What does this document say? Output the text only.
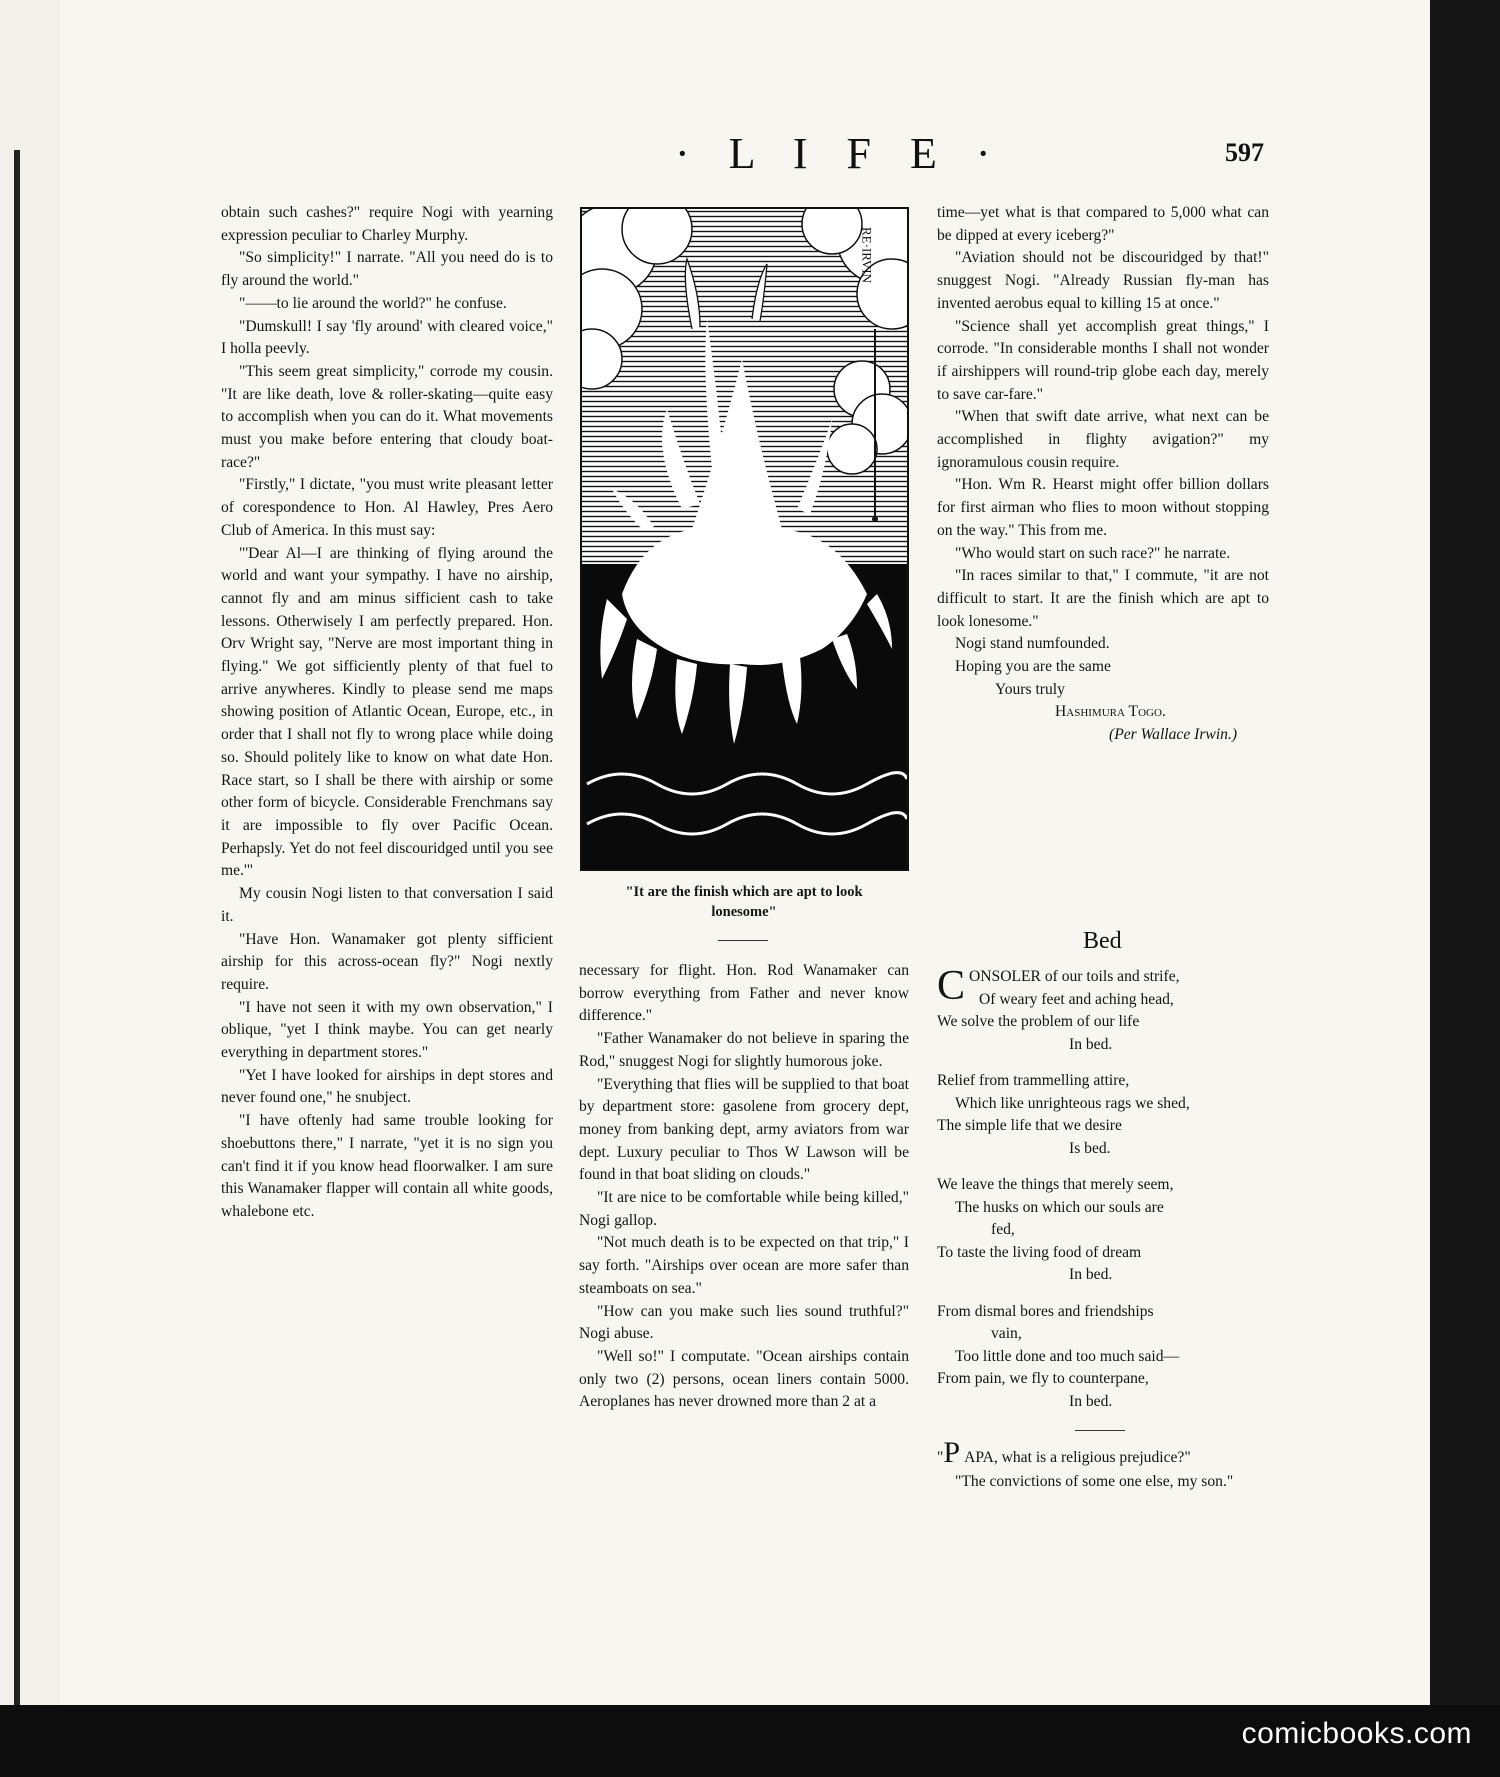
· L I F E ·	597

obtain such cashes?" require Nogi with yearning expression peculiar to Charley Murphy.

"So simplicity!" I narrate. "All you need do is to fly around the world."

"——to lie around the world?" he confuse.

"Dumskull! I say 'fly around' with cleared voice," I holla peevly.

"This seem great simplicity," corrode my cousin. "It are like death, love & roller-skating—quite easy to accomplish when you can do it. What movements must you make before entering that cloudy boat-race?"

"Firstly," I dictate, "you must write pleasant letter of corespondence to Hon. Al Hawley, Pres Aero Club of America. In this must say:

"'Dear Al—I are thinking of flying around the world and want your sympathy. I have no airship, cannot fly and am minus sifficient cash to take lessons. Otherwisely I am perfectly prepared. Hon. Orv Wright say, "Nerve are most important thing in flying." We got sifficiently plenty of that fuel to arrive anywheres. Kindly to please send me maps showing position of Atlantic Ocean, Europe, etc., in order that I shall not fly to wrong place while doing so. Should politely like to know on what date Hon. Race start, so I shall be there with airship or some other form of bicycle. Considerable Frenchmans say it are impossible to fly over Pacific Ocean. Perhapsly. Yet do not feel discouridged until you see me.'"

My cousin Nogi listen to that conversation I said it.

"Have Hon. Wanamaker got plenty sifficient airship for this across-ocean fly?" Nogi nextly require.

"I have not seen it with my own observation," I oblique, "yet I think maybe. You can get nearly everything in department stores."

"Yet I have looked for airships in dept stores and never found one," he snubject.

"I have oftenly had same trouble looking for shoebuttons there," I narrate, "yet it is no sign you can't find it if you know head floorwalker. I am sure this Wanamaker flapper will contain all white goods, whalebone etc.

RE·IRVIN
"It are the finish which are apt to look lonesome"

necessary for flight. Hon. Rod Wanamaker can borrow everything from Father and never know difference."

"Father Wanamaker do not believe in sparing the Rod," snuggest Nogi for slightly humorous joke.

"Everything that flies will be supplied to that boat by department store: gasolene from grocery dept, money from banking dept, army aviators from war dept. Luxury peculiar to Thos W Lawson will be found in that boat sliding on clouds."

"It are nice to be comfortable while being killed," Nogi gallop.

"Not much death is to be expected on that trip," I say forth. "Airships over ocean are more safer than steamboats on sea."

"How can you make such lies sound truthful?" Nogi abuse.

"Well so!" I computate. "Ocean airships contain only two (2) persons, ocean liners contain 5000. Aeroplanes has never drowned more than 2 at a

time—yet what is that compared to 5,000 what can be dipped at every iceberg?"

"Aviation should not be discouridged by that!" snuggest Nogi. "Already Russian fly-man has invented aerobus equal to killing 15 at once."

"Science shall yet accomplish great things," I corrode. "In considerable months I shall not wonder if airshippers will round-trip globe each day, merely to save car-fare."

"When that swift date arrive, what next can be accomplished in flighty avigation?" my ignoramulous cousin require.

"Hon. Wm R. Hearst might offer billion dollars for first airman who flies to moon without stopping on the way." This from me.

"Who would start on such race?" he narrate.

"In races similar to that," I commute, "it are not difficult to start. It are the finish which are apt to look lonesome."

Nogi stand numfounded.
Hoping you are the same
Yours truly
Hashimura Togo.
(Per Wallace Irwin.)
Bed
C ONSOLER of our toils and strife,
Of weary feet and aching head,
We solve the problem of our life
In bed.
Relief from trammelling attire,
Which like unrighteous rags we shed,
The simple life that we desire
Is bed.
We leave the things that merely seem,
The husks on which our souls are
fed,
To taste the living food of dream
In bed.
From dismal bores and friendships
vain,
Too little done and too much said—
From pain, we fly to counterpane,
In bed.

"P APA, what is a religious prejudice?"

"The convictions of some one else, my son."

comicbooks.com
